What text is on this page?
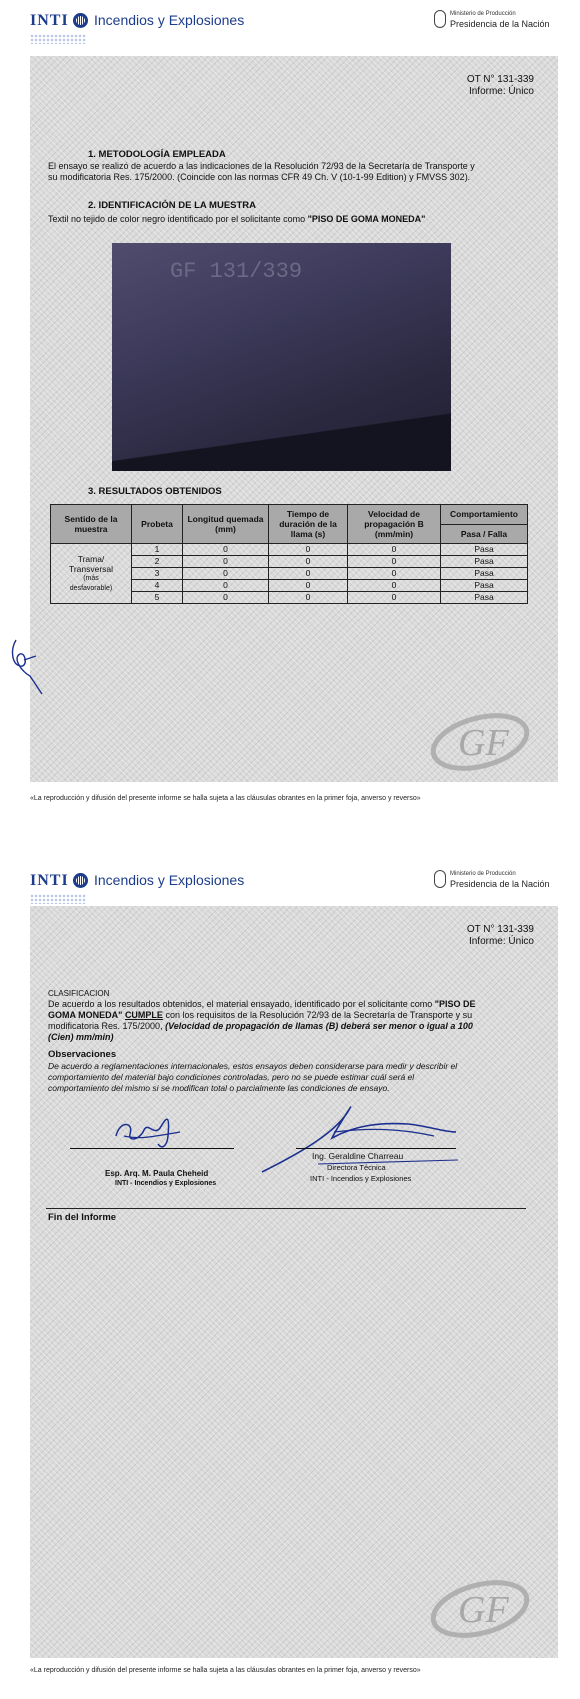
INTI Incendios y Explosiones	Ministerio de Producción
Presidencia de la Nación
OT N° 131-339
Informe: Único
1. METODOLOGÍA EMPLEADA
El ensayo se realizó de acuerdo a las indicaciones de la Resolución 72/93 de la Secretaría de Transporte y
su modificatoria Res. 175/2000. (Coincide con las normas CFR 49 Ch. V (10-1-99 Edition) y FMVSS 302).
2. IDENTIFICACIÓN DE LA MUESTRA
Textil no tejido de color negro identificado por el solicitante como "PISO DE GOMA MONEDA"
GF 131/339
3. RESULTADOS OBTENIDOS
Sentido de la muestra	Probeta	Longitud quemada (mm)	Tiempo de duración de la llama (s)	Velocidad de propagación B (mm/min)	Comportamiento
					Pasa / Falla

Trama/
Transversal
(más
desfavorable)	1	0	0	0	Pasa
	2	0	0	0	Pasa
	3	0	0	0	Pasa
	4	0	0	0	Pasa
	5	0	0	0	Pasa
GF
«La reproducción y difusión del presente informe se halla sujeta a las cláusulas obrantes en la primer foja, anverso y reverso»
INTI Incendios y Explosiones	Ministerio de Producción
Presidencia de la Nación
OT N° 131-339
Informe: Único
CLASIFICACION
De acuerdo a los resultados obtenidos, el material ensayado, identificado por el solicitante como "PISO DE
GOMA MONEDA" CUMPLE con los requisitos de la Resolución 72/93 de la Secretaría de Transporte y su
modificatoria Res. 175/2000, (Velocidad de propagación de llamas (B) deberá ser menor o igual a 100
(Cien) mm/min)
Observaciones
De acuerdo a reglamentaciones internacionales, estos ensayos deben considerarse para medir y describir el
comportamiento del material bajo condiciones controladas, pero no se puede estimar cuál será el
comportamiento del mismo si se modifican total o parcialmente las condiciones de ensayo.
Esp. Arq. M. Paula Cheheid
INTI - Incendios y Explosiones
Ing. Geraldine Charreau
Directora Técnica
INTI - Incendios y Explosiones
Fin del Informe
GF
«La reproducción y difusión del presente informe se halla sujeta a las cláusulas obrantes en la primer foja, anverso y reverso»
